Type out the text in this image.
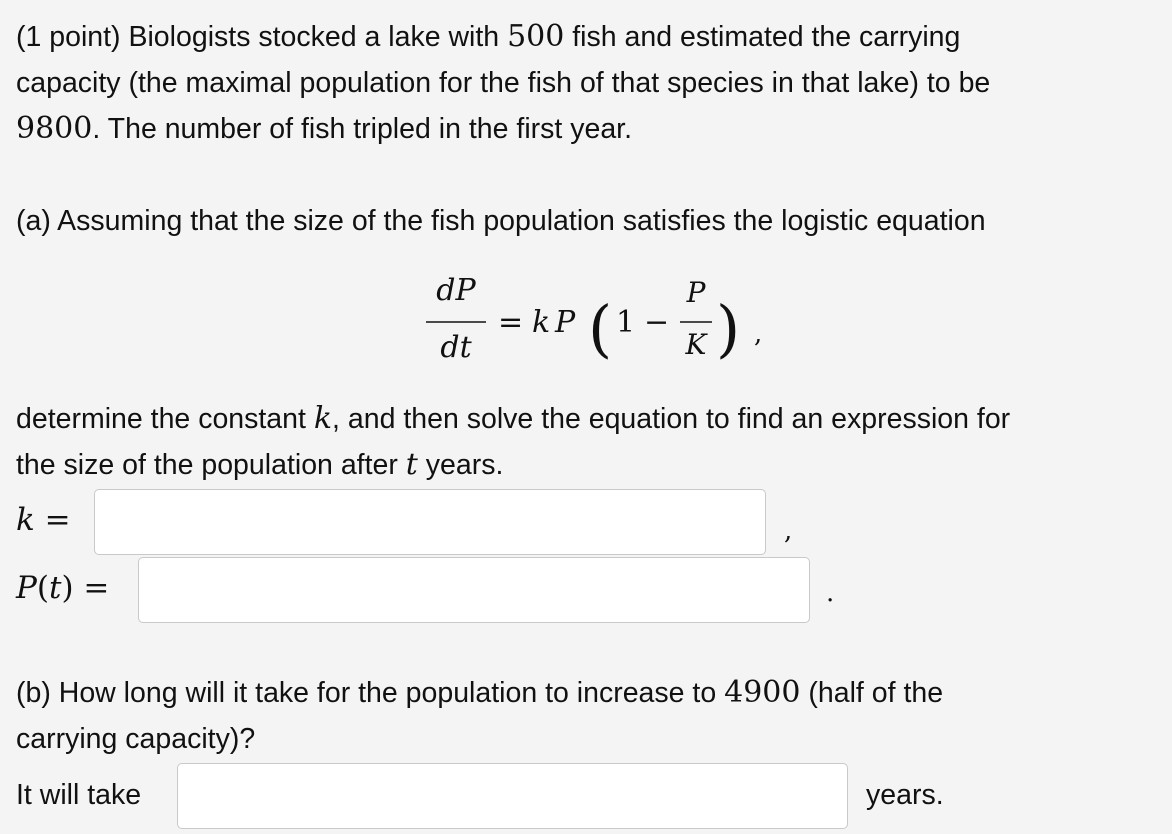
(1 point) Biologists stocked a lake with 500 fish and estimated the carrying
capacity (the maximal population for the fish of that species in that lake) to be
9800. The number of fish tripled in the first year.
(a) Assuming that the size of the fish population satisfies the logistic equation
dP
dt
= k P ( 1 −
P
K ) ,
determine the constant k, and then solve the equation to find an expression for
the size of the population after t years.
k =	,
P(t) =	.
(b) How long will it take for the population to increase to 4900 (half of the
carrying capacity)?
It will take	years.
